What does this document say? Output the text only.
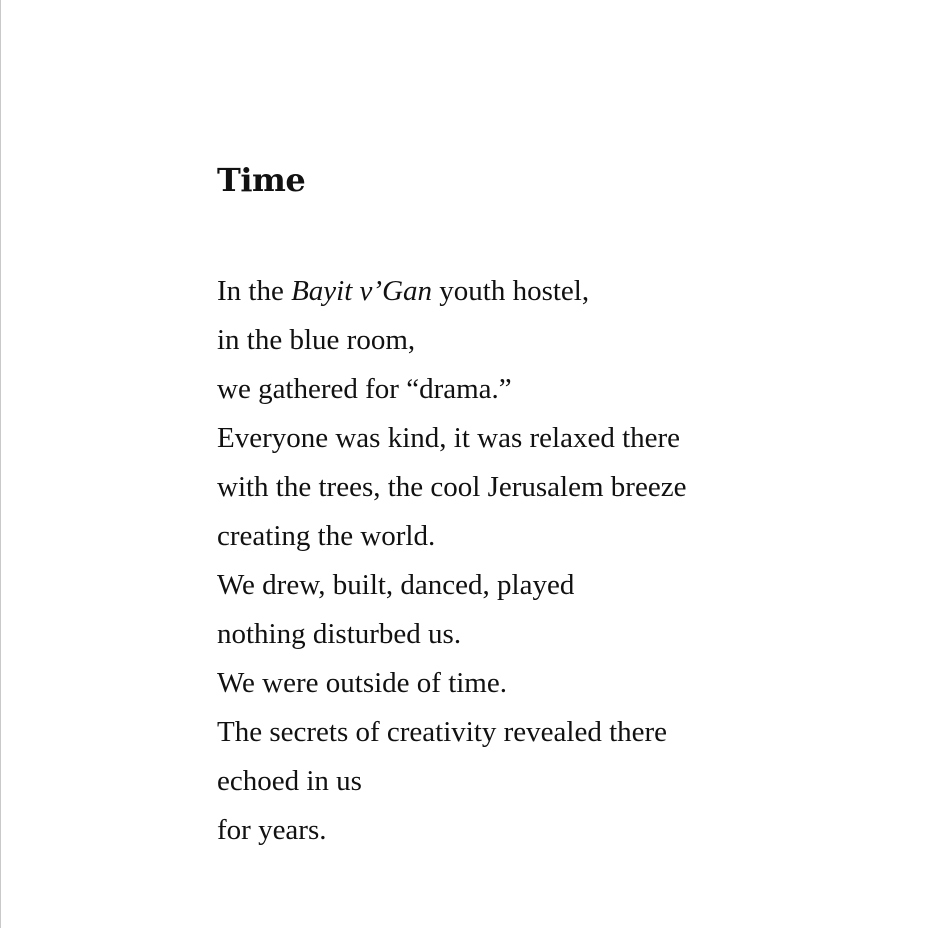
Time
In the Bayit v’Gan youth hostel,
in the blue room,
we gathered for “drama.”
Everyone was kind, it was relaxed there
with the trees, the cool Jerusalem breeze
creating the world.
We drew, built, danced, played
nothing disturbed us.
We were outside of time.
The secrets of creativity revealed there
echoed in us
for years.
